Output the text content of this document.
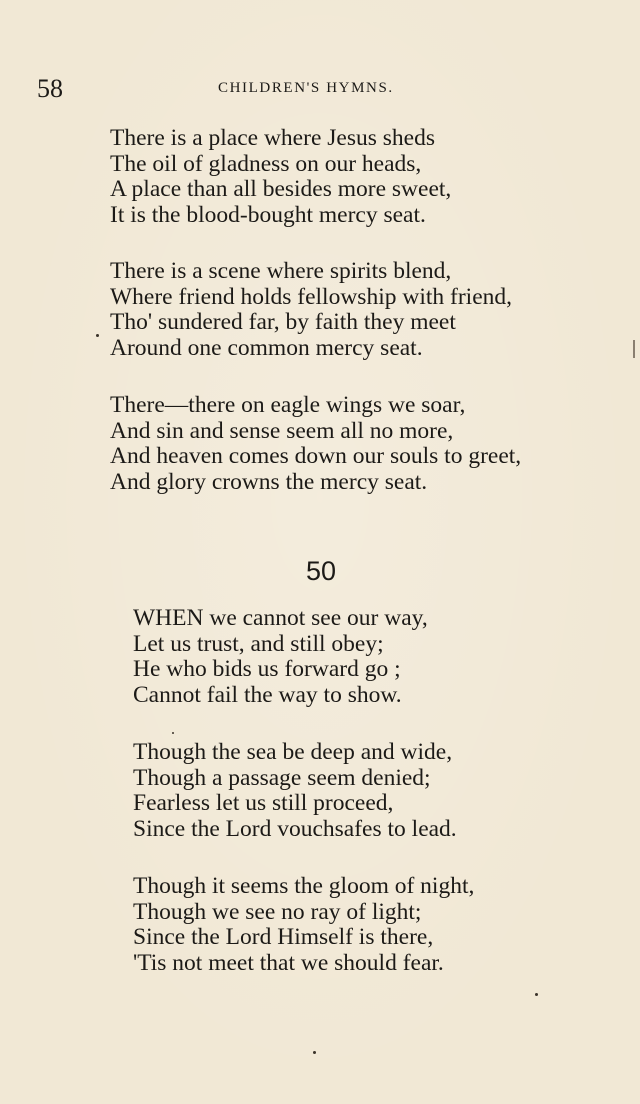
58	CHILDREN'S HYMNS.
There is a place where Jesus sheds
The oil of gladness on our heads,
A place than all besides more sweet,
It is the blood-bought mercy seat.
There is a scene where spirits blend,
Where friend holds fellowship with friend,
Tho' sundered far, by faith they meet
Around one common mercy seat.
There—there on eagle wings we soar,
And sin and sense seem all no more,
And heaven comes down our souls to greet,
And glory crowns the mercy seat.
50
WHEN we cannot see our way,
Let us trust, and still obey;
He who bids us forward go ;
Cannot fail the way to show.
Though the sea be deep and wide,
Though a passage seem denied;
Fearless let us still proceed,
Since the Lord vouchsafes to lead.
Though it seems the gloom of night,
Though we see no ray of light;
Since the Lord Himself is there,
'Tis not meet that we should fear.
